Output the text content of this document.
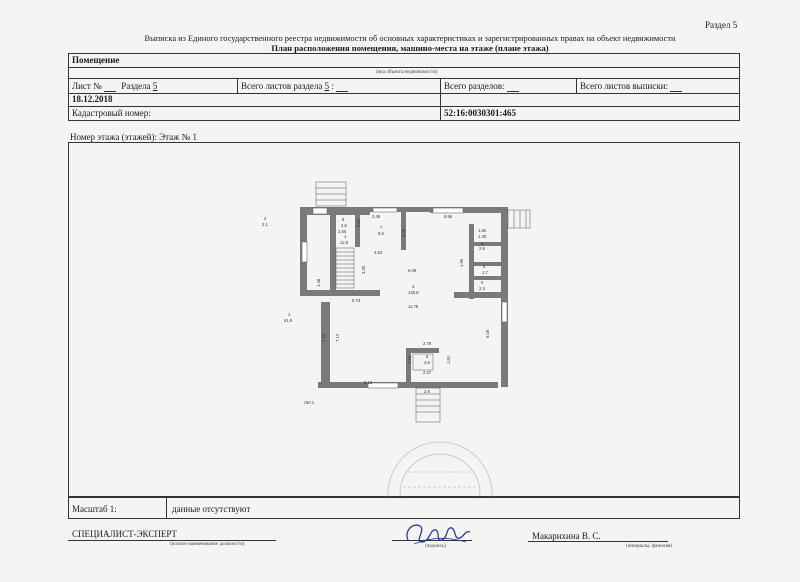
Раздел 5
Выписка из Единого государственного реестра недвижимости об основных характеристиках и зарегистрированных правах на объект недвижимости
План расположения помещения, машино-места на этаже (плане этажа)
Помещение
(вид объекта недвижимости)
Лист № Раздела 5	Всего листов раздела 5 :	Всего разделов:	Всего листов выписки:
18.12.2018
Кадастровый номер:	52:16:0030301:465
Номер этажа (этажей): Этаж № 1
2
2.1
1
61.9
2.46	6.56
1.65
1.40
4.63
6.09
11.78
2.92
5.73
2.78
2.47
5.12
7.12
1.22	6.05
1.48
2.50
1.95
2.05
3.30
1.56	1.81
9
2.6
1
12.6
7
6.5
3
148.8
4
2.9
5
1.7
6
2.3
8
4.6
Лит.1
2.6
Масштаб 1:	данные отсутствуют
СПЕЦИАЛИСТ-ЭКСПЕРТ
(полное наименование должности)	(подпись)
Макарихина В. С.
(инициалы, фамилия)
